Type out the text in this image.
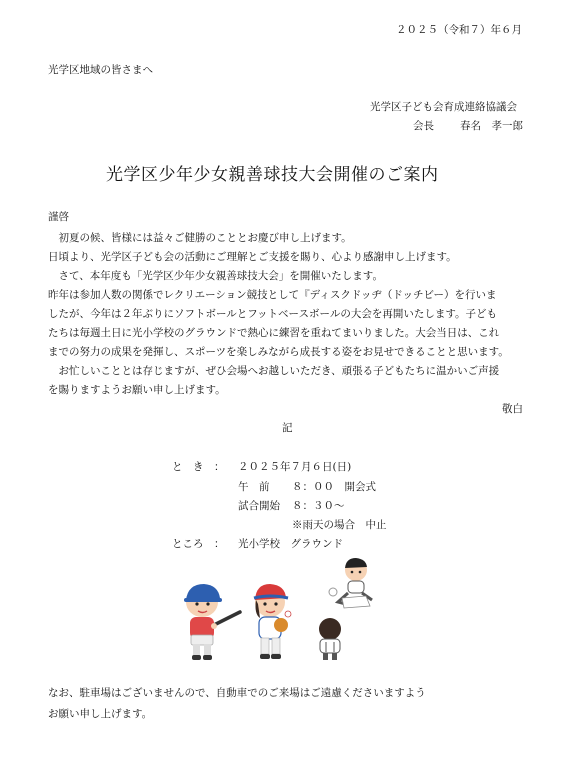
２０２５（令和７）年６月
光学区地域の皆さまへ
光学区子ども会育成連絡協議会
会長 春名　孝一郎
光学区少年少女親善球技大会開催のご案内
謹啓
　初夏の候、皆様には益々ご健勝のこととお慶び申し上げます。
日頃より、光学区子ども会の活動にご理解とご支援を賜り、心より感謝申し上げます。
　さて、本年度も「光学区少年少女親善球技大会」を開催いたします。
昨年は参加人数の関係でレクリエーション競技として『ディスクドッヂ（ドッチビー）を行いま
したが、今年は２年ぶりにソフトボールとフットベースボールの大会を再開いたします。子ども
たちは毎週土日に光小学校のグラウンドで熱心に練習を重ねてまいりました。大会当日は、これ
までの努力の成果を発揮し、スポーツを楽しみながら成長する姿をお見せできることと思います。
　お忙しいこととは存じますが、ぜひ会場へお越しいただき、頑張る子どもたちに温かいご声援
を賜りますようお願い申し上げます。
敬白
記
と　き　： ２０２５年７月６日(日)
午　前 ８：００　開会式
試合開始 ８：３０～
※雨天の場合　中止
ところ　： 光小学校　グラウンド
なお、駐車場はございませんので、自動車でのご来場はご遠慮くださいますよう
お願い申し上げます。
